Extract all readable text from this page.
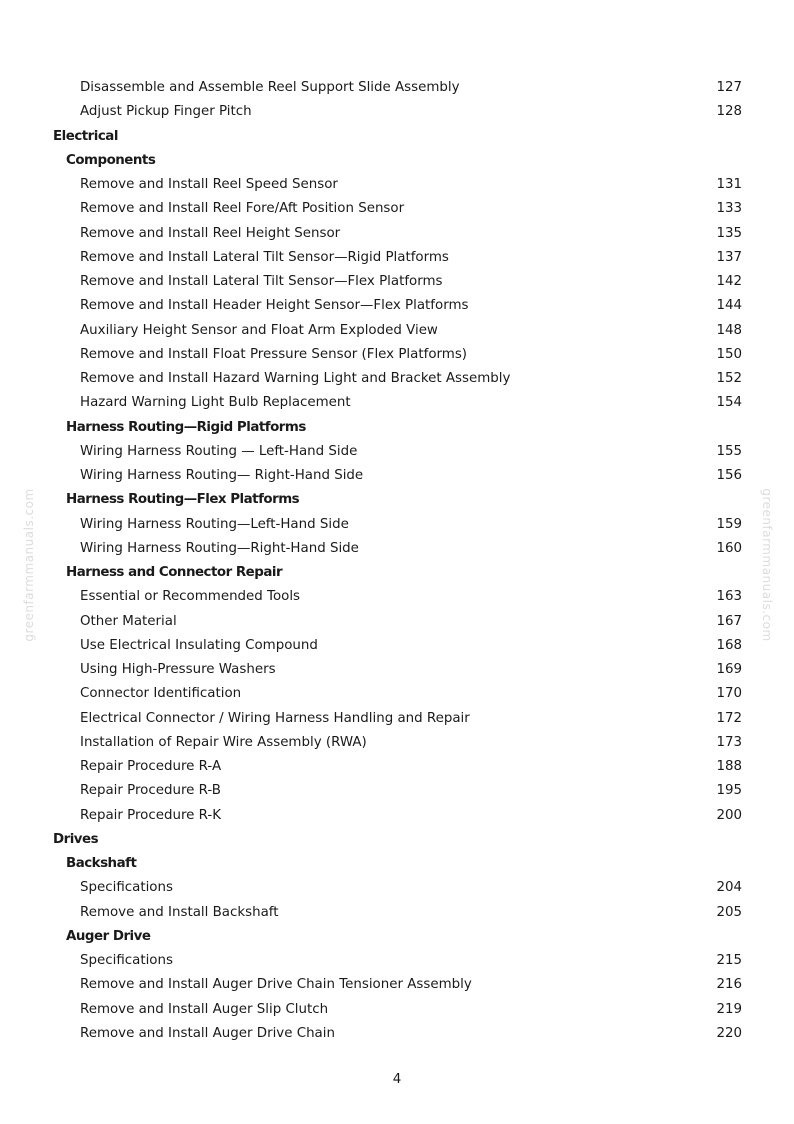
greenfarmmanuals.com	greenfarmmanuals.com
Disassemble and Assemble Reel Support Slide Assembly	127
Adjust Pickup Finger Pitch	128
Electrical
Components
Remove and Install Reel Speed Sensor	131
Remove and Install Reel Fore/Aft Position Sensor	133
Remove and Install Reel Height Sensor	135
Remove and Install Lateral Tilt Sensor—Rigid Platforms	137
Remove and Install Lateral Tilt Sensor—Flex Platforms	142
Remove and Install Header Height Sensor—Flex Platforms	144
Auxiliary Height Sensor and Float Arm Exploded View	148
Remove and Install Float Pressure Sensor (Flex Platforms)	150
Remove and Install Hazard Warning Light and Bracket Assembly	152
Hazard Warning Light Bulb Replacement	154
Harness Routing—Rigid Platforms
Wiring Harness Routing — Left-Hand Side	155
Wiring Harness Routing— Right-Hand Side	156
Harness Routing—Flex Platforms
Wiring Harness Routing—Left-Hand Side	159
Wiring Harness Routing—Right-Hand Side	160
Harness and Connector Repair
Essential or Recommended Tools	163
Other Material	167
Use Electrical Insulating Compound	168
Using High-Pressure Washers	169
Connector Identification	170
Electrical Connector / Wiring Harness Handling and Repair	172
Installation of Repair Wire Assembly (RWA)	173
Repair Procedure R-A	188
Repair Procedure R-B	195
Repair Procedure R-K	200
Drives
Backshaft
Specifications	204
Remove and Install Backshaft	205
Auger Drive
Specifications	215
Remove and Install Auger Drive Chain Tensioner Assembly	216
Remove and Install Auger Slip Clutch	219
Remove and Install Auger Drive Chain	220
4
